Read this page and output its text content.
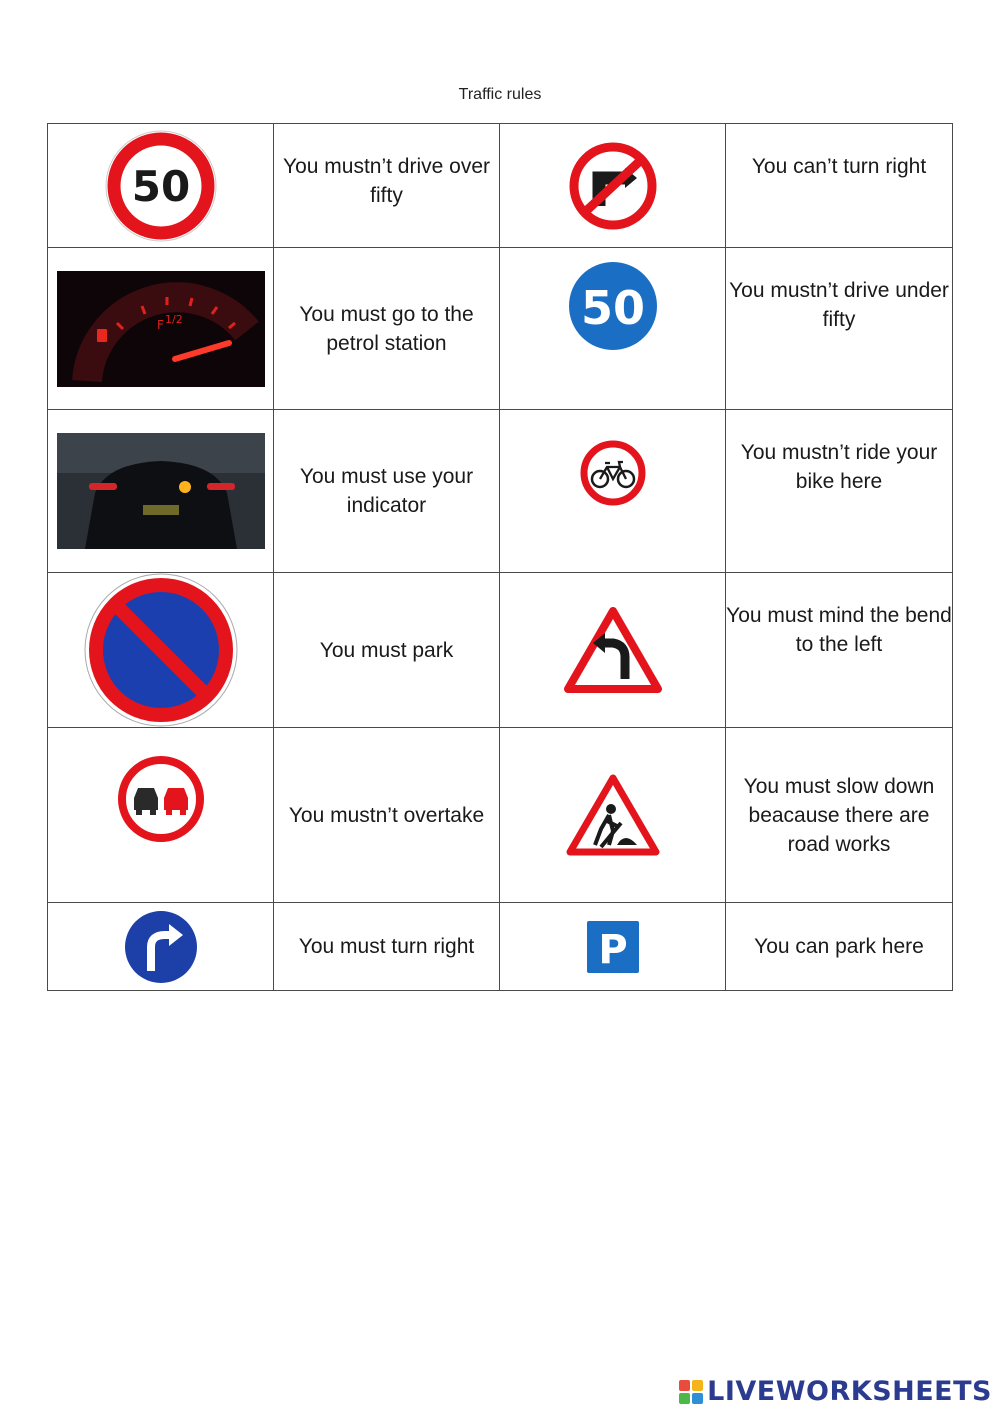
Traffic rules
50	You mustn’t drive over fifty		You can’t turn right

F 1/2	You must go to the petrol station	50	You mustn’t drive under fifty

	You must use your indicator		You mustn’t ride your bike here

	You must park		You must mind the bend to the left

	You mustn’t overtake		You must slow down beacause there are road works

	You must turn right	P	You can park here
LIVEWORKSHEETS
